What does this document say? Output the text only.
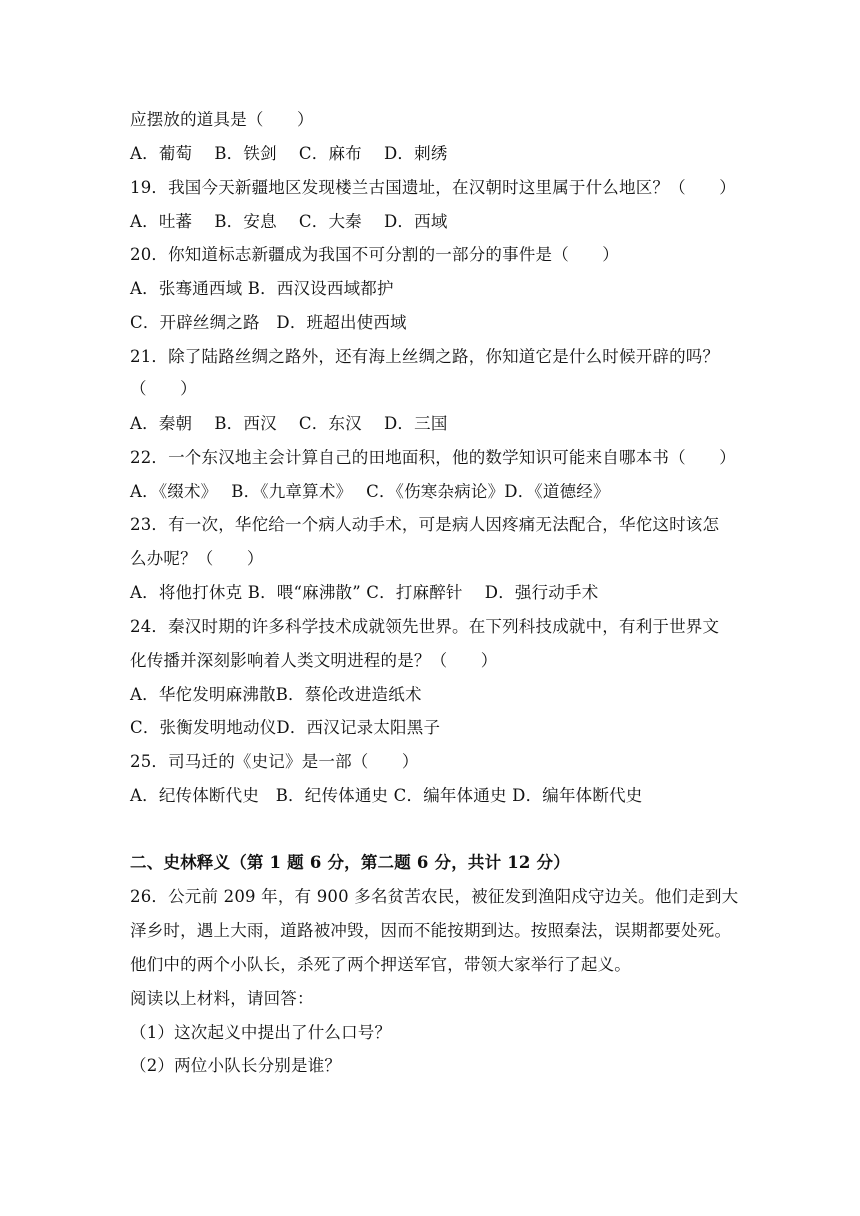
应摆放的道具是（　　）
A．葡萄　 B．铁剑　 C．麻布　 D．刺绣
19．我国今天新疆地区发现楼兰古国遗址，在汉朝时这里属于什么地区？（　　）
A．吐蕃　 B．安息　 C．大秦　 D．西域
20．你知道标志新疆成为我国不可分割的一部分的事件是（　　）
A．张骞通西域 B．西汉设西域都护
C．开辟丝绸之路　D．班超出使西域
21．除了陆路丝绸之路外，还有海上丝绸之路，你知道它是什么时候开辟的吗？
（　　）
A．秦朝　 B．西汉　 C．东汉　 D．三国
22．一个东汉地主会计算自己的田地面积，他的数学知识可能来自哪本书（　　）
A．《缀术》　 B．《九章算术》　 C．《伤寒杂病论》D．《道德经》
23．有一次，华佗给一个病人动手术，可是病人因疼痛无法配合，华佗这时该怎
么办呢？（　　）
A．将他打休克 B．喂“麻沸散” C．打麻醉针　 D．强行动手术
24．秦汉时期的许多科学技术成就领先世界。在下列科技成就中，有利于世界文
化传播并深刻影响着人类文明进程的是？（　　）
A．华佗发明麻沸散B．蔡伦改进造纸术
C．张衡发明地动仪D．西汉记录太阳黑子
25．司马迁的《史记》是一部（　　）
A．纪传体断代史　B．纪传体通史 C．编年体通史 D．编年体断代史
二、史林释义（第 1 题 6 分，第二题 6 分，共计 12 分）
26．公元前 209 年，有 900 多名贫苦农民，被征发到渔阳戍守边关。他们走到大
泽乡时，遇上大雨，道路被冲毁，因而不能按期到达。按照秦法，误期都要处死。
他们中的两个小队长，杀死了两个押送军官，带领大家举行了起义。
阅读以上材料，请回答：
（1）这次起义中提出了什么口号？
（2）两位小队长分别是谁？
